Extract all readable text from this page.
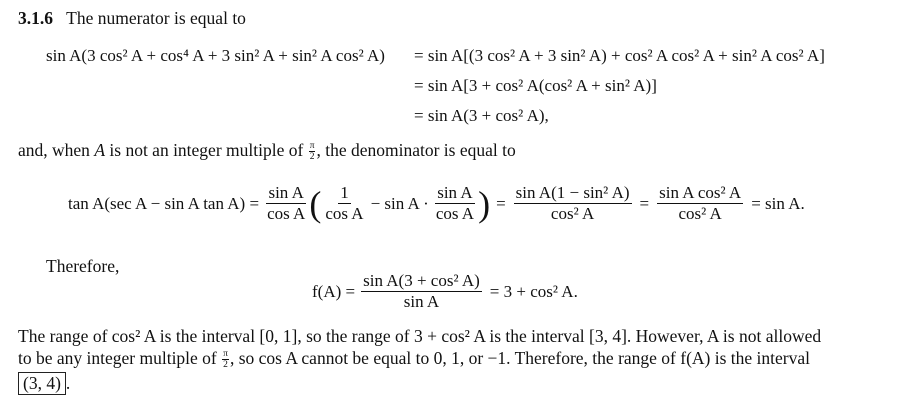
3.1.6 The numerator is equal to
sin A(3 cos² A + cos⁴ A + 3 sin² A + sin² A cos² A) = sin A[(3 cos² A + 3 sin² A) + cos² A cos² A + sin² A cos² A]
= sin A[3 + cos² A(cos² A + sin² A)]
= sin A(3 + cos² A),
and, when A is not an integer multiple of $\frac{\pi}{2}$ , the denominator is equal to
tan A(sec A − sin A $\tan A) = \frac{\text{sin A}}{\text{cos A}}$ ( $\frac{1}{\text{cos A}} - \sin A \cdot \frac{\text{sin A}}{\text{cos A}}$ ) = $\frac{\text{sin A(1 − sin² A)}}{\text{cos² A}} = \frac{\text{sin A cos² A}}{\text{cos² A}} = \sin A$.
Therefore,
$f(A) = \frac{\text{sin A(3 + cos² A)}}{\text{sin A}} = 3 + \cos^2$ A.
The range of cos² A is the interval [0, 1], so the range of 3 + cos² A is the interval [3, 4]. However, A is not allowed
to be any integer multiple of $\frac{\pi}{2}$ , so cos A cannot be equal to 0, 1, or −1. Therefore, the range of f(A) is the interval
(3, 4) .
